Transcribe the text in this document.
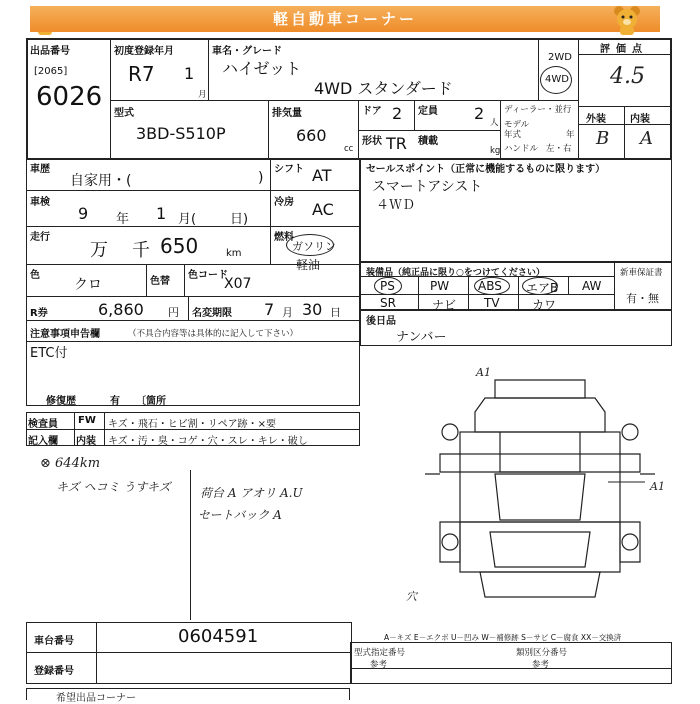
軽自動車コーナー
出品番号
[2065]
6026
初度登録年月
R7 1
月
車名・グレード
ハイゼット
4WD スタンダード
2WD
4WD
評価点
4.5
外装 内装
B A
型式
3BD-S510P
排気量
660
cc
ドア 2 定員 2 人
形状 TR 積載
kg
ディーラー・並行
モデル
年式	年
ハンドル 左・右
車歴
自家用・(	)
シフト AT
車検
9 年 1 月(	日)
冷房 AC
走行
万 千 650	km
燃料
ガソリン
軽油
色
クロ	色替
色コード
X07
R券	6,860 円 名変期限 7 月 30 日
注意事項申告欄	（不具合内容等は具体的に記入して下さい）
ETC付
修復歴	有 〔箇所
セールスポイント（正常に機能するものに限ります）
スマートアシスト
４ＷＤ
装備品（純正品に限り○をつけてください）	新車保証書
有・無
PS	PW ABS エアB AW
SR	ナビ TV	カワ
後日品
ナンバー
検査員 FW キズ・飛石・ヒビ割・リペア跡・×要
記入欄 内装 キズ・汚・臭・コゲ・穴・スレ・キレ・破し
⊗ 644km
キズ ヘコミ うすキズ 荷台 A アオリ A.U
セートバック A
A1
A1
穴
車台番号	0604591
登録番号
A－キズ E－エクボ U－凹み W－補修跡 S－サビ C－腐食 XX－交換済
型式指定番号
参考
類別区分番号
参考
希望出品コーナー
